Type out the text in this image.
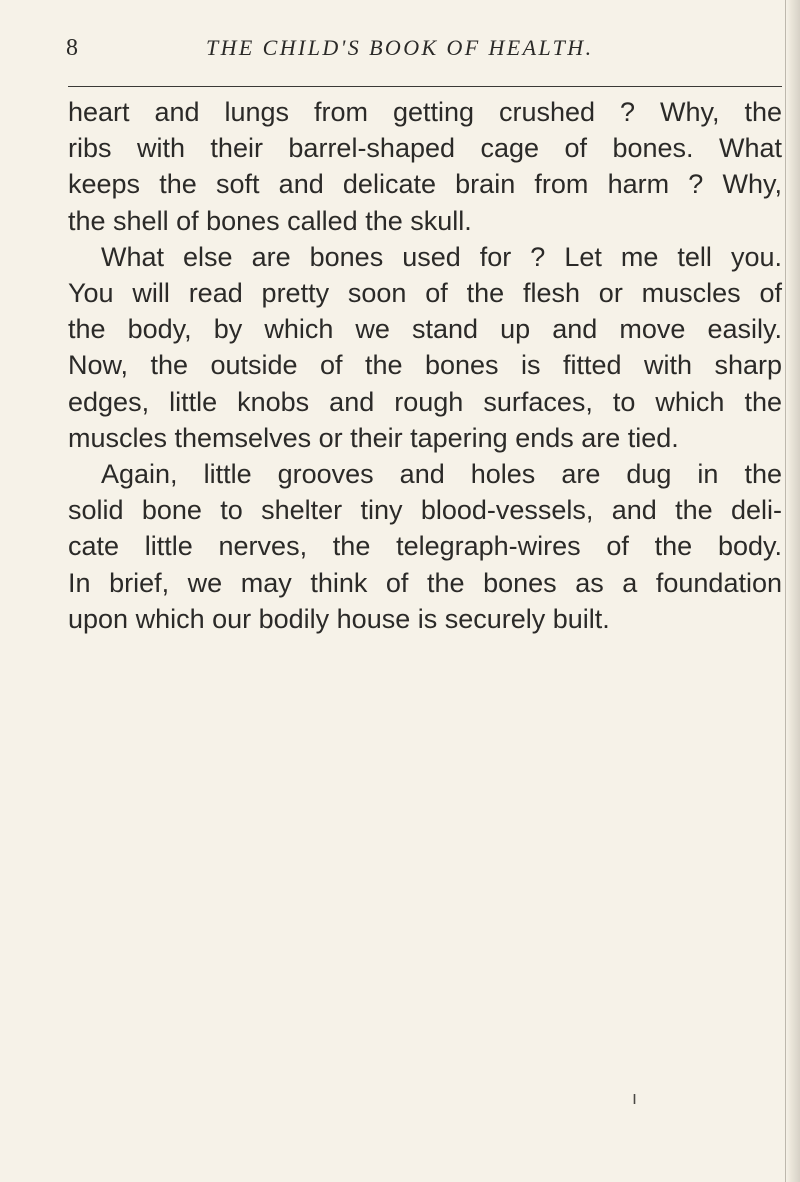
8	THE CHILD'S BOOK OF HEALTH.
heart and lungs from getting crushed ? Why, the
ribs with their barrel-shaped cage of bones. What
keeps the soft and delicate brain from harm ? Why,
the shell of bones called the skull.
What else are bones used for ? Let me tell you.
You will read pretty soon of the flesh or muscles of
the body, by which we stand up and move easily.
Now, the outside of the bones is fitted with sharp
edges, little knobs and rough surfaces, to which the
muscles themselves or their tapering ends are tied.
Again, little grooves and holes are dug in the
solid bone to shelter tiny blood-vessels, and the deli-
cate little nerves, the telegraph-wires of the body.
In brief, we may think of the bones as a foundation
upon which our bodily house is securely built.
ı
